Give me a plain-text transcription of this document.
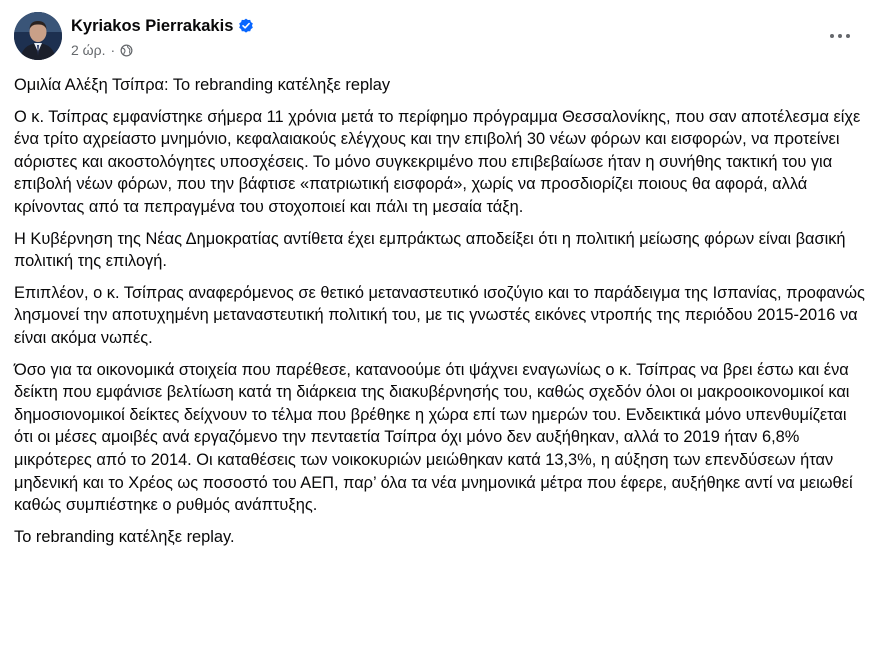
Kyriakos Pierrakakis
2 ώρ. ·

Ομιλία Αλέξη Τσίπρα: Το rebranding κατέληξε replay

Ο κ. Τσίπρας εμφανίστηκε σήμερα 11 χρόνια μετά το περίφημο πρόγραμμα Θεσσαλονίκης, που σαν αποτέλεσμα είχε ένα τρίτο αχρείαστο μνημόνιο, κεφαλαιακούς ελέγχους και την επιβολή 30 νέων φόρων και εισφορών, να προτείνει αόριστες και ακοστολόγητες υποσχέσεις. Το μόνο συγκεκριμένο που επιβεβαίωσε ήταν η συνήθης τακτική του για επιβολή νέων φόρων, που την βάφτισε «πατριωτική εισφορά», χωρίς να προσδιορίζει ποιους θα αφορά, αλλά κρίνοντας από τα πεπραγμένα του στοχοποιεί και πάλι τη μεσαία τάξη.

Η Κυβέρνηση της Νέας Δημοκρατίας αντίθετα έχει εμπράκτως αποδείξει ότι η πολιτική μείωσης φόρων είναι βασική πολιτική της επιλογή.

Επιπλέον, ο κ. Τσίπρας αναφερόμενος σε θετικό μεταναστευτικό ισοζύγιο και το παράδειγμα της Ισπανίας, προφανώς λησμονεί την αποτυχημένη μεταναστευτική πολιτική του, με τις γνωστές εικόνες ντροπής της περιόδου 2015-2016 να είναι ακόμα νωπές.

Όσο για τα οικονομικά στοιχεία που παρέθεσε, κατανοούμε ότι ψάχνει εναγωνίως ο κ. Τσίπρας να βρει έστω και ένα δείκτη που εμφάνισε βελτίωση κατά τη διάρκεια της διακυβέρνησής του, καθώς σχεδόν όλοι οι μακροοικονομικοί και δημοσιονομικοί δείκτες δείχνουν το τέλμα που βρέθηκε η χώρα επί των ημερών του. Ενδεικτικά μόνο υπενθυμίζεται ότι οι μέσες αμοιβές ανά εργαζόμενο την πενταετία Τσίπρα όχι μόνο δεν αυξήθηκαν, αλλά το 2019 ήταν 6,8% μικρότερες από το 2014. Οι καταθέσεις των νοικοκυριών μειώθηκαν κατά 13,3%, η αύξηση των επενδύσεων ήταν μηδενική και το Χρέος ως ποσοστό του ΑΕΠ, παρ’ όλα τα νέα μνημονικά μέτρα που έφερε, αυξήθηκε αντί να μειωθεί καθώς συμπιέστηκε ο ρυθμός ανάπτυξης.

Το rebranding κατέληξε replay.
